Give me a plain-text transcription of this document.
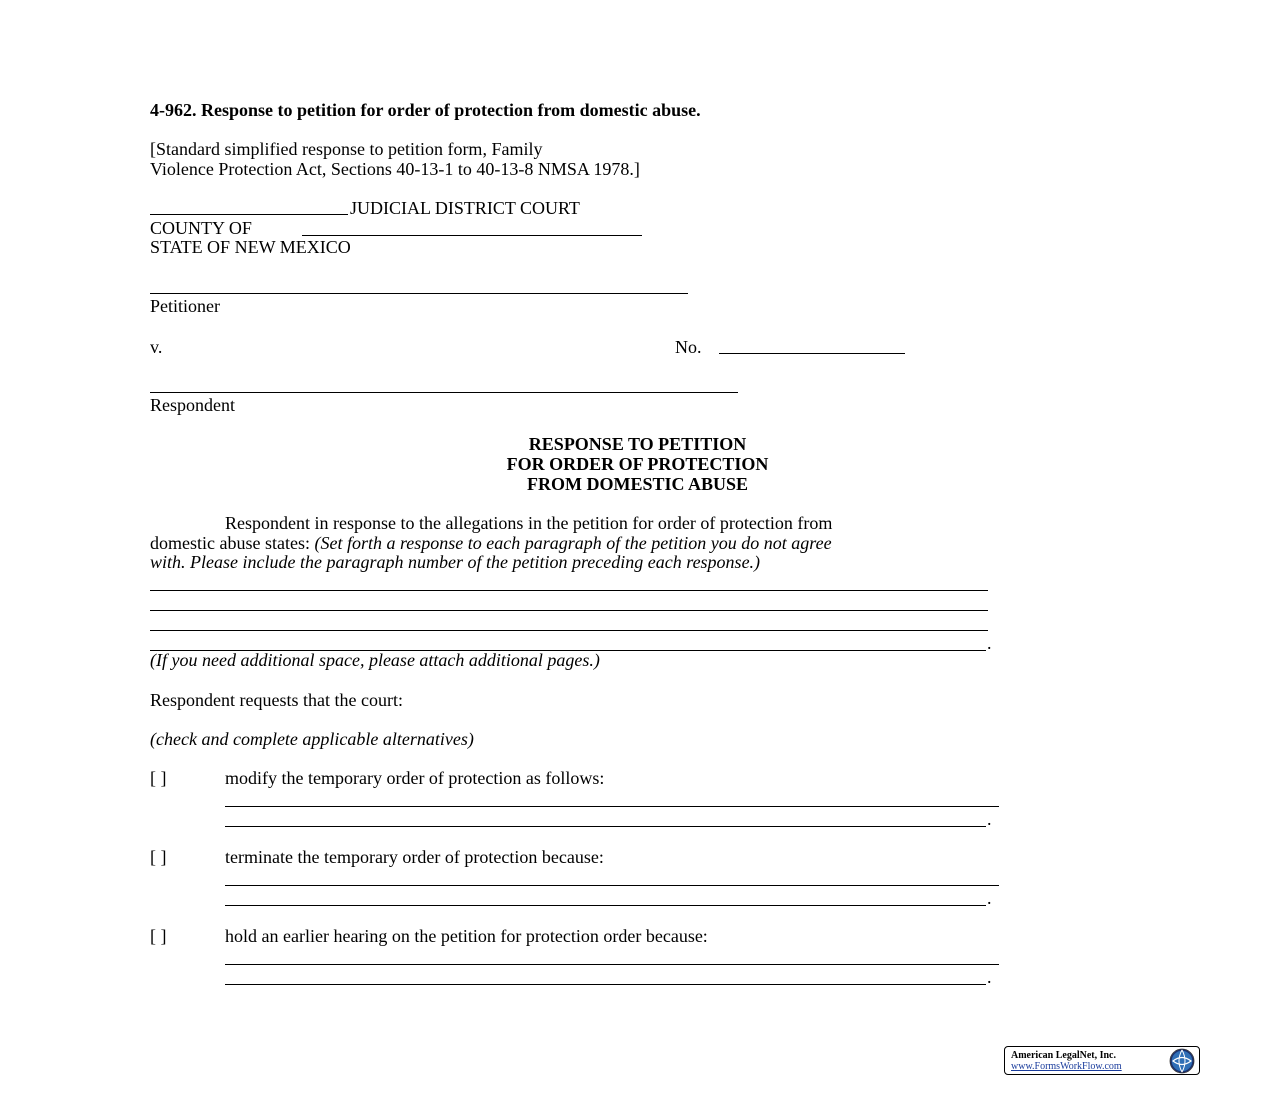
4-962. Response to petition for order of protection from domestic abuse.
[Standard simplified response to petition form, Family
Violence Protection Act, Sections 40-13-1 to 40-13-8 NMSA 1978.]
JUDICIAL DISTRICT COURT
COUNTY OF
STATE OF NEW MEXICO
Petitioner
v.	No.
Respondent
RESPONSE TO PETITION
FOR ORDER OF PROTECTION
FROM DOMESTIC ABUSE
Respondent in response to the allegations in the petition for order of protection from
domestic abuse states: (Set forth a response to each paragraph of the petition you do not agree
with. Please include the paragraph number of the petition preceding each response.)
.
(If you need additional space, please attach additional pages.)
Respondent requests that the court:
(check and complete applicable alternatives)
[ ]	modify the temporary order of protection as follows:
.
[ ]	terminate the temporary order of protection because:
.
[ ]	hold an earlier hearing on the petition for protection order because:
.
American LegalNet, Inc.
www.FormsWorkFlow.com
